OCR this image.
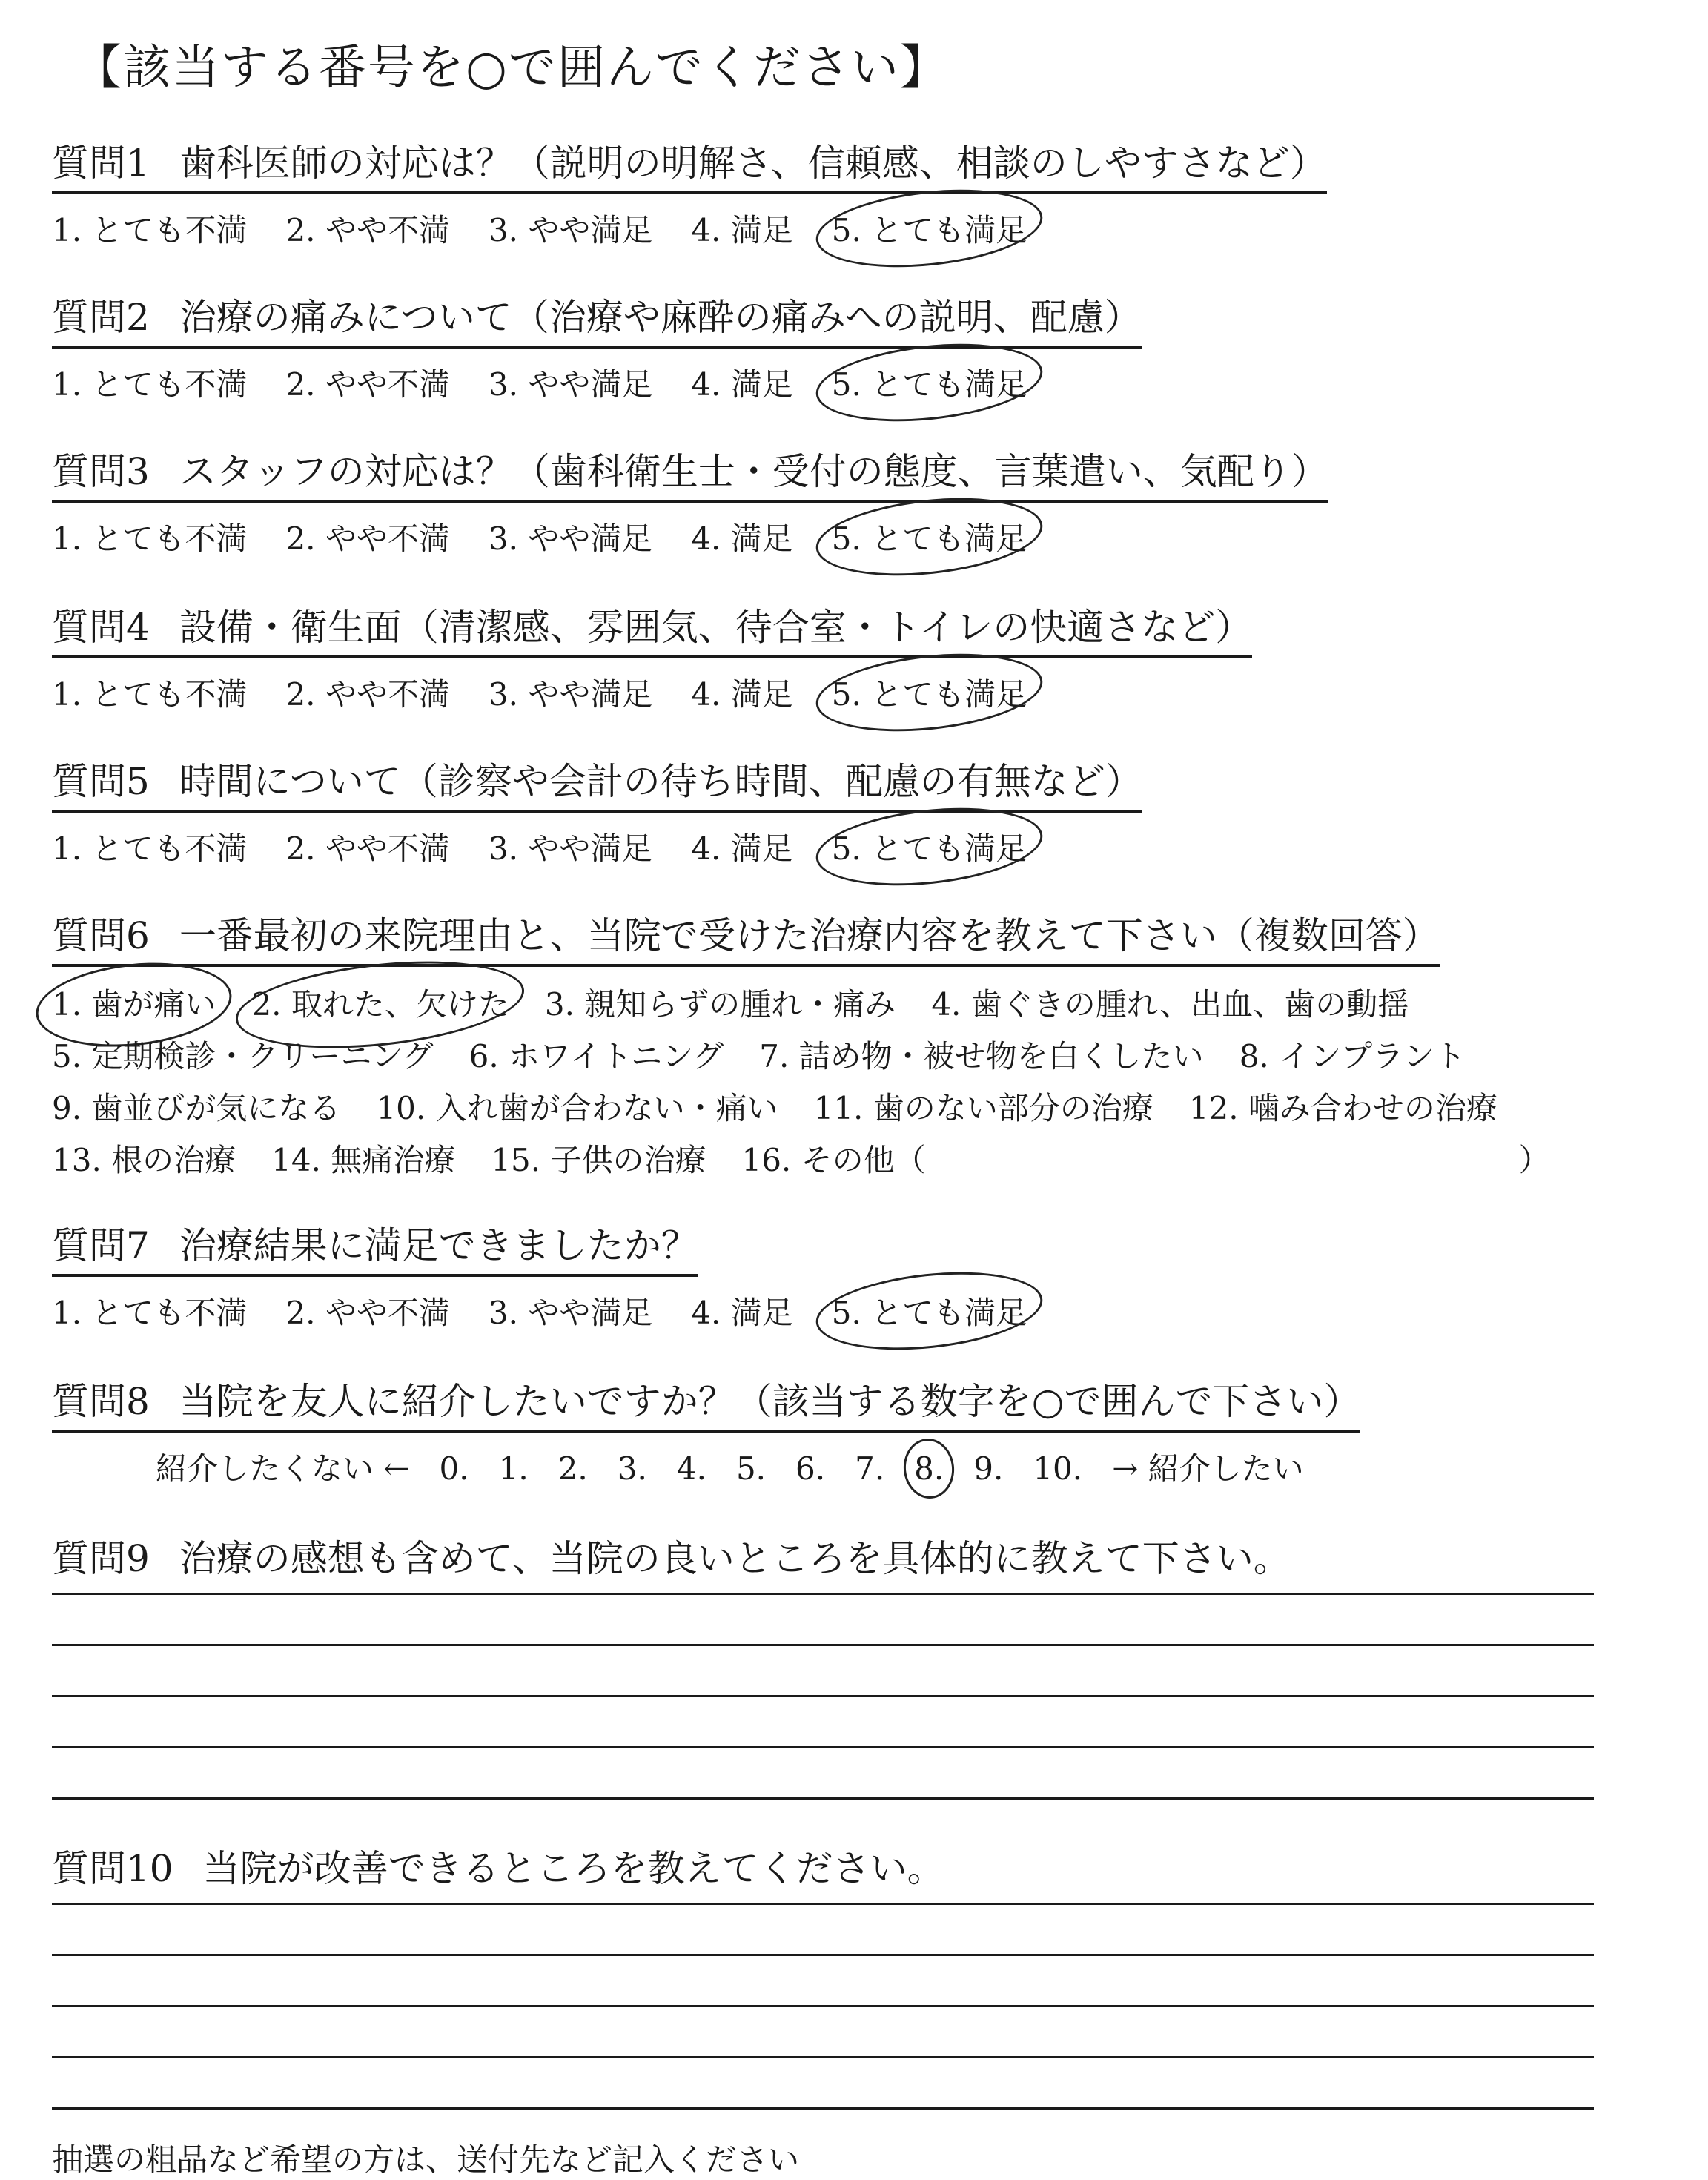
【該当する番号を○で囲んでください】
質問1 歯科医師の対応は？（説明の明解さ、信頼感、相談のしやすさなど）
1. とても不満 2. やや不満 3. やや満足 4. 満足 5. とても満足
質問2 治療の痛みについて（治療や麻酔の痛みへの説明、配慮）
1. とても不満 2. やや不満 3. やや満足 4. 満足 5. とても満足
質問3 スタッフの対応は？（歯科衛生士・受付の態度、言葉遣い、気配り）
1. とても不満 2. やや不満 3. やや満足 4. 満足 5. とても満足
質問4 設備・衛生面（清潔感、雰囲気、待合室・トイレの快適さなど）
1. とても不満 2. やや不満 3. やや満足 4. 満足 5. とても満足
質問5 時間について（診察や会計の待ち時間、配慮の有無など）
1. とても不満 2. やや不満 3. やや満足 4. 満足 5. とても満足
質問6 一番最初の来院理由と、当院で受けた治療内容を教えて下さい（複数回答）
1. 歯が痛い 2. 取れた、欠けた 3. 親知らずの腫れ・痛み 4. 歯ぐきの腫れ、出血、歯の動揺
5. 定期検診・クリーニング 6. ホワイトニング 7. 詰め物・被せ物を白くしたい 8. インプラント
9. 歯並びが気になる 10. 入れ歯が合わない・痛い 11. 歯のない部分の治療 12. 噛み合わせの治療
13. 根の治療 14. 無痛治療 15. 子供の治療 16. その他（	）
質問7 治療結果に満足できましたか？
1. とても不満 2. やや不満 3. やや満足 4. 満足 5. とても満足
質問8 当院を友人に紹介したいですか？（該当する数字を○で囲んで下さい）
紹介したくない ← 0. 1. 2. 3. 4. 5. 6. 7. 8. 9. 10. → 紹介したい
質問9 治療の感想も含めて、当院の良いところを具体的に教えて下さい。
質問10 当院が改善できるところを教えてください。
抽選の粗品など希望の方は、送付先など記入ください
